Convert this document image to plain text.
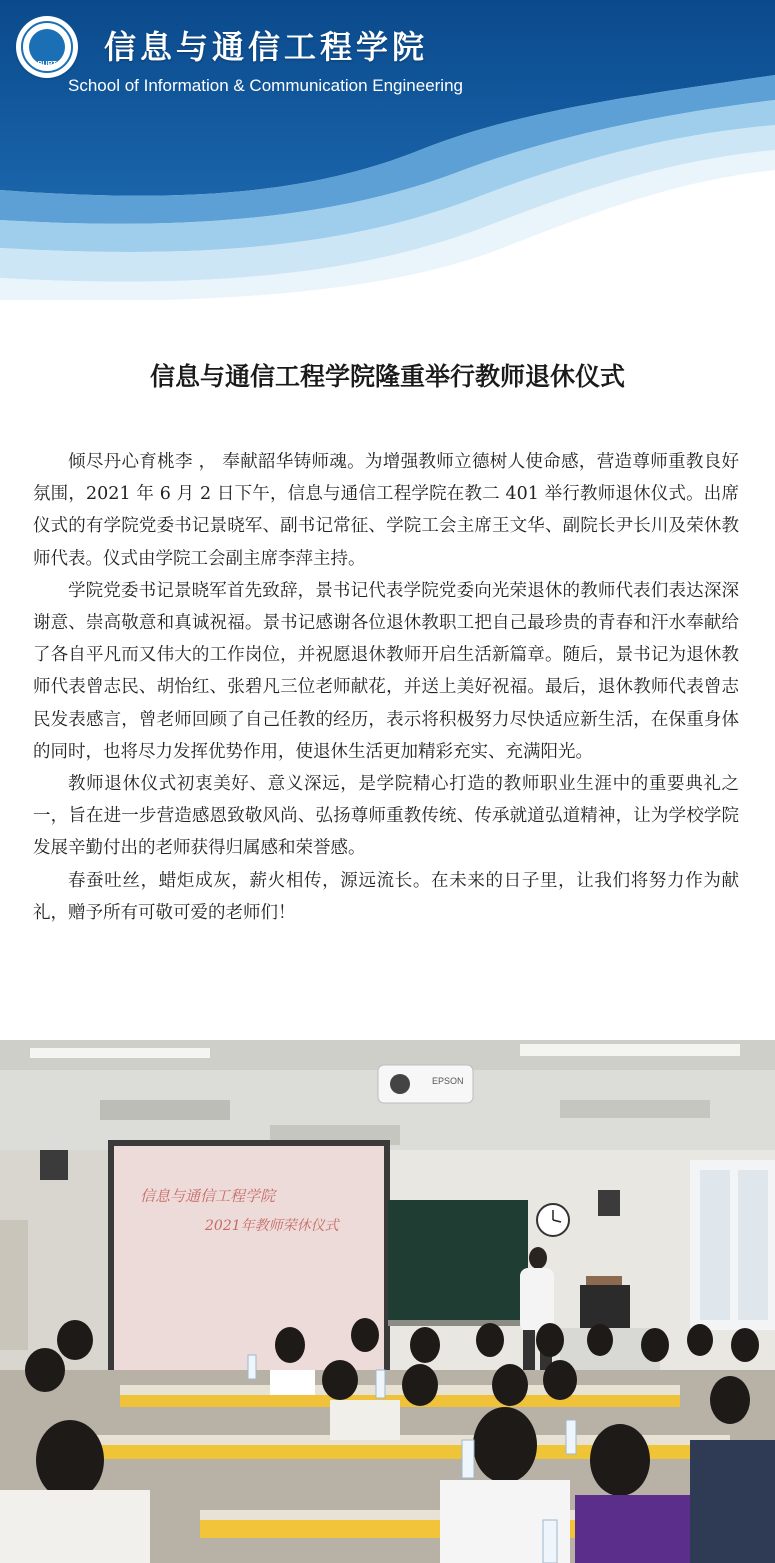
BUPT	信息与通信工程学院
School of Information & Communication Engineering
信息与通信工程学院隆重举行教师退休仪式

倾尽丹心育桃李 ， 奉献韶华铸师魂。为增强教师立德树人使命感，营造尊师重教良好氛围，2021 年 6 月 2 日下午，信息与通信工程学院在教二 401 举行教师退休仪式。出席仪式的有学院党委书记景晓军、副书记常征、学院工会主席王文华、副院长尹长川及荣休教师代表。仪式由学院工会副主席李萍主持。

学院党委书记景晓军首先致辞，景书记代表学院党委向光荣退休的教师代表们表达深深谢意、崇高敬意和真诚祝福。景书记感谢各位退休教职工把自己最珍贵的青春和汗水奉献给了各自平凡而又伟大的工作岗位，并祝愿退休教师开启生活新篇章。随后，景书记为退休教师代表曾志民、胡怡红、张碧凡三位老师献花，并送上美好祝福。最后，退休教师代表曾志民发表感言，曾老师回顾了自己任教的经历，表示将积极努力尽快适应新生活，在保重身体的同时，也将尽力发挥优势作用，使退休生活更加精彩充实、充满阳光。

教师退休仪式初衷美好、意义深远，是学院精心打造的教师职业生涯中的重要典礼之一，旨在进一步营造感恩致敬风尚、弘扬尊师重教传统、传承就道弘道精神，让为学校学院发展辛勤付出的老师获得归属感和荣誉感。

春蚕吐丝，蜡炬成灰，薪火相传，源远流长。在未来的日子里，让我们将努力作为献礼，赠予所有可敬可爱的老师们！

EPSON
信息与通信工程学院
2021年教师荣休仪式
